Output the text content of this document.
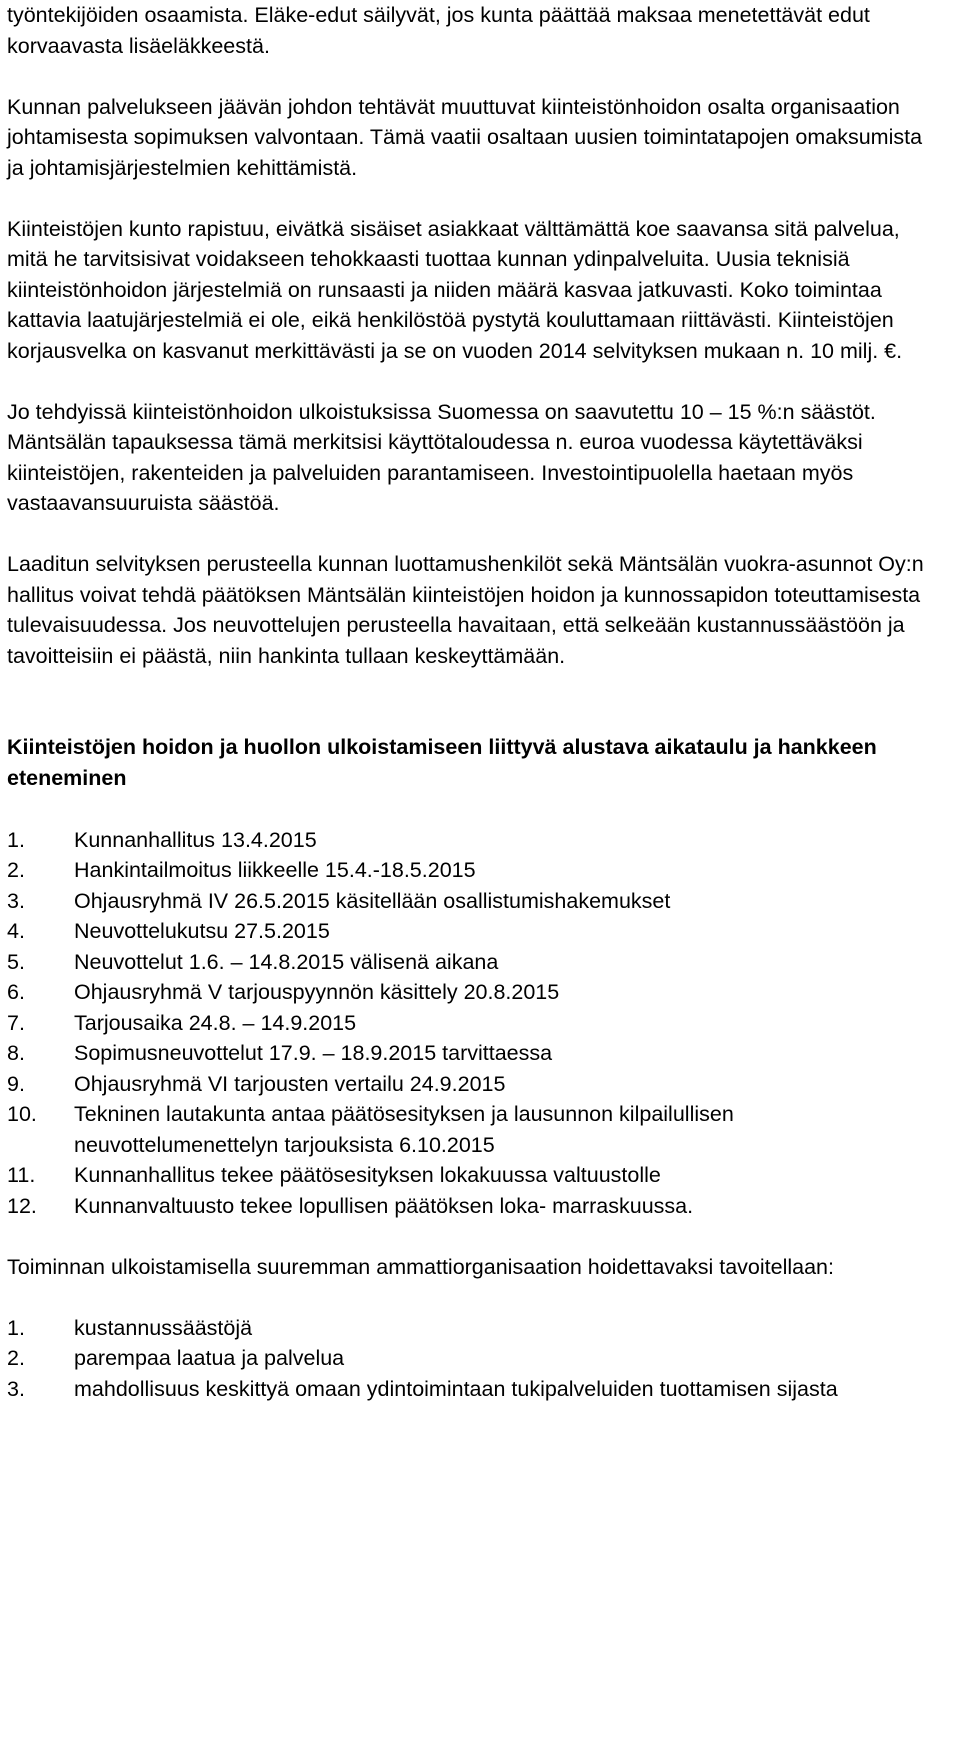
työntekijöiden osaamista. Eläke-edut säilyvät, jos kunta päättää maksaa menetettävät edut korvaavasta lisäeläkkeestä.

Kunnan palvelukseen jäävän johdon tehtävät muuttuvat kiinteistönhoidon osalta organisaation johtamisesta sopimuksen valvontaan. Tämä vaatii osaltaan uusien toimintatapojen omaksumista ja johtamisjärjestelmien kehittämistä.

Kiinteistöjen kunto rapistuu, eivätkä sisäiset asiakkaat välttämättä koe saavansa sitä palvelua, mitä he tarvitsisivat voidakseen tehokkaasti tuottaa kunnan ydinpalveluita. Uusia teknisiä kiinteistönhoidon järjestelmiä on runsaasti ja niiden määrä kasvaa jatkuvasti. Koko toimintaa kattavia laatujärjestelmiä ei ole, eikä henkilöstöä pystytä kouluttamaan riittävästi. Kiinteistöjen korjausvelka on kasvanut merkittävästi ja se on vuoden 2014 selvityksen mukaan n. 10 milj. €.

Jo tehdyissä kiinteistönhoidon ulkoistuksissa Suomessa on saavutettu 10 – 15 %:n säästöt. Mäntsälän tapauksessa tämä merkitsisi käyttötaloudessa n. euroa vuodessa käytettäväksi kiinteistöjen, rakenteiden ja palveluiden parantamiseen. Investointipuolella haetaan myös vastaavansuuruista säästöä.

Laaditun selvityksen perusteella kunnan luottamushenkilöt sekä Mäntsälän vuokra-asunnot Oy:n hallitus voivat tehdä päätöksen Mäntsälän kiinteistöjen hoidon ja kunnossapidon toteuttamisesta tulevaisuudessa. Jos neuvottelujen perusteella havaitaan, että selkeään kustannussäästöön ja tavoitteisiin ei päästä, niin hankinta tullaan keskeyttämään.

Kiinteistöjen hoidon ja huollon ulkoistamiseen liittyvä alustava aikataulu ja hankkeen eteneminen
1.	Kunnanhallitus 13.4.2015
2.	Hankintailmoitus liikkeelle 15.4.-18.5.2015
3.	Ohjausryhmä IV 26.5.2015 käsitellään osallistumishakemukset
4.	Neuvottelukutsu 27.5.2015
5.	Neuvottelut 1.6. – 14.8.2015 välisenä aikana
6.	Ohjausryhmä V tarjouspyynnön käsittely 20.8.2015
7.	Tarjousaika 24.8. – 14.9.2015
8.	Sopimusneuvottelut 17.9. – 18.9.2015 tarvittaessa
9.	Ohjausryhmä VI tarjousten vertailu 24.9.2015
10.	Tekninen lautakunta antaa päätösesityksen ja lausunnon kilpailullisen neuvottelumenettelyn tarjouksista 6.10.2015
11.	Kunnanhallitus tekee päätösesityksen lokakuussa valtuustolle
12.	Kunnanvaltuusto tekee lopullisen päätöksen loka- marraskuussa.

Toiminnan ulkoistamisella suuremman ammattiorganisaation hoidettavaksi tavoitellaan:

1.	kustannussäästöjä
2.	parempaa laatua ja palvelua
3.	mahdollisuus keskittyä omaan ydintoimintaan tukipalveluiden tuottamisen sijasta
